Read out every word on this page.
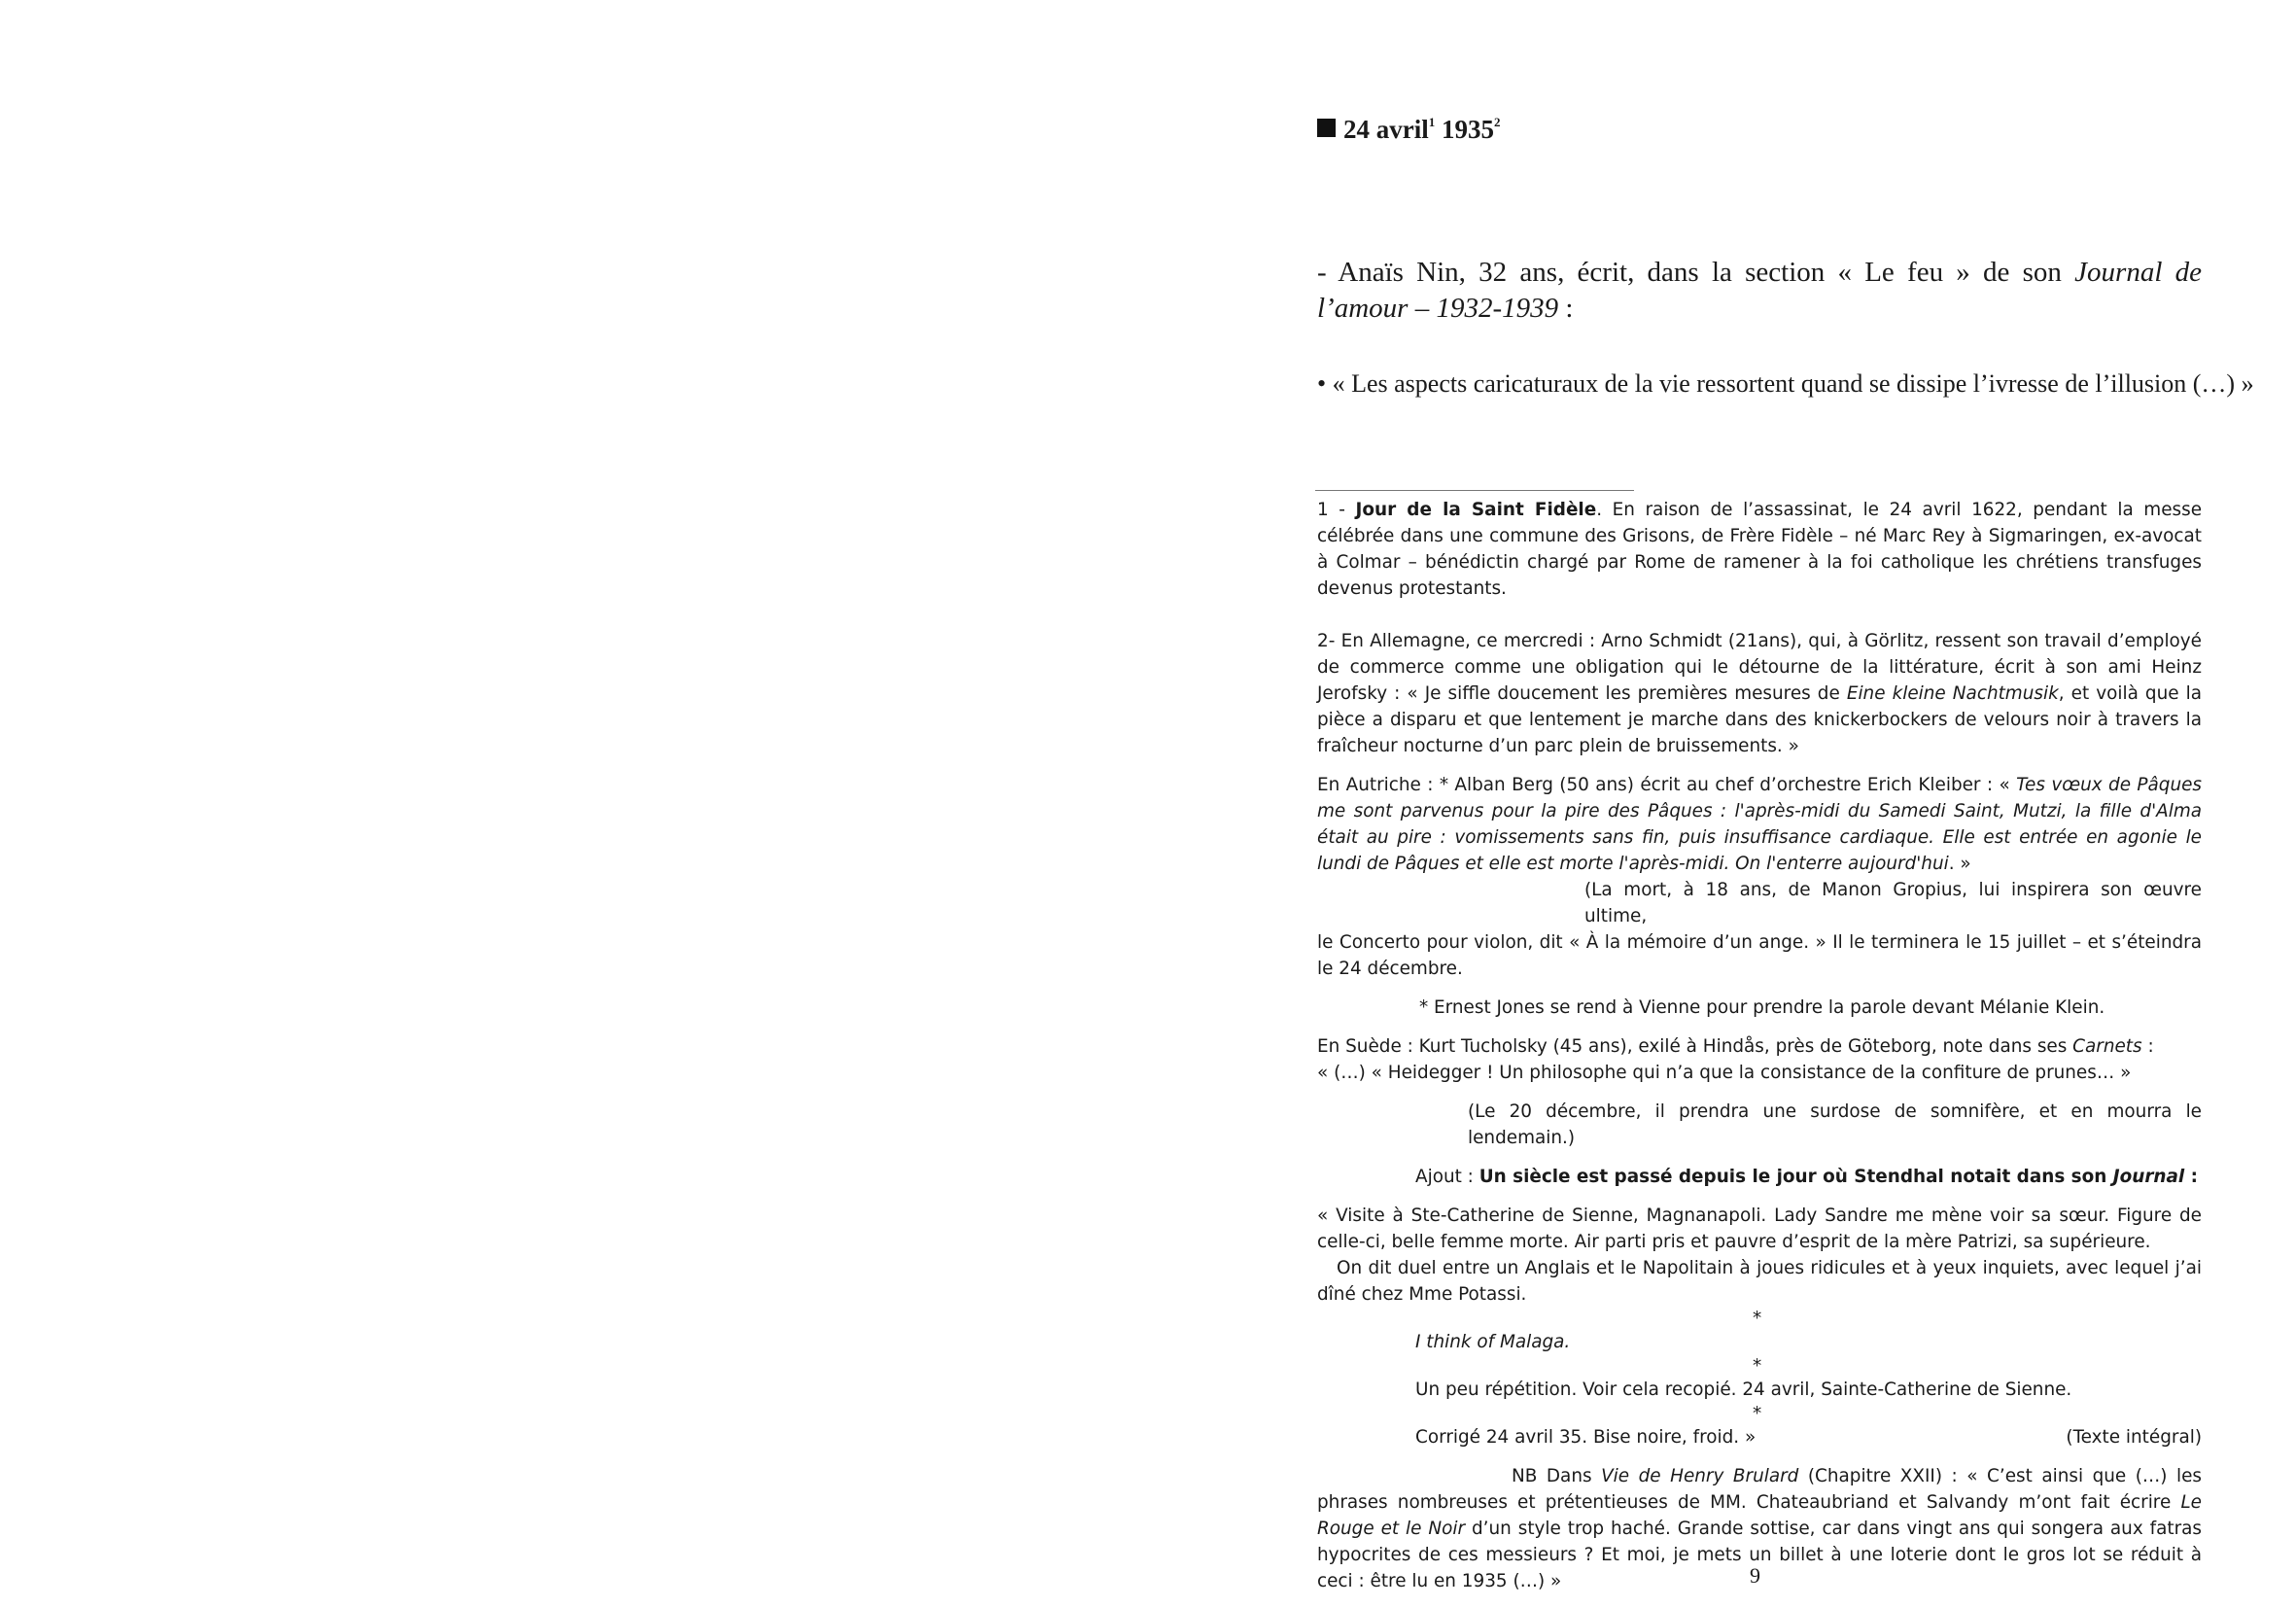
24 avril$^1$ 1935$^2$
- Anaïs Nin, 32 ans, écrit, dans la section « Le feu » de son Journal de l’amour – 1932-1939 :
• « Les aspects caricaturaux de la vie ressortent quand se dissipe l’ivresse de l’illusion (…) »

1 - Jour de la Saint Fidèle. En raison de l’assassinat, le 24 avril 1622, pendant la messe célébrée dans une commune des Grisons, de Frère Fidèle – né Marc Rey à Sigmaringen, ex-avocat à Colmar – bénédictin chargé par Rome de ramener à la foi catholique les chrétiens transfuges devenus protestants.

2- En Allemagne, ce mercredi : Arno Schmidt (21ans), qui, à Görlitz, ressent son travail d’employé de commerce comme une obligation qui le détourne de la littérature, écrit à son ami Heinz Jerofsky : « Je siffle doucement les premières mesures de Eine kleine Nachtmusik, et voilà que la pièce a disparu et que lentement je marche dans des knickerbockers de velours noir à travers la fraîcheur nocturne d’un parc plein de bruissements. »

En Autriche : * Alban Berg (50 ans) écrit au chef d’orchestre Erich Kleiber : « Tes vœux de Pâques me sont parvenus pour la pire des Pâques : l'après-midi du Samedi Saint, Mutzi, la fille d'Alma était au pire : vomissements sans fin, puis insuffisance cardiaque. Elle est entrée en agonie le lundi de Pâques et elle est morte l'après-midi. On l'enterre aujourd'hui. »

(La mort, à 18 ans, de Manon Gropius, lui inspirera son œuvre ultime,

le Concerto pour violon, dit « À la mémoire d’un ange. » Il le terminera le 15 juillet – et s’éteindra le 24 décembre.

* Ernest Jones se rend à Vienne pour prendre la parole devant Mélanie Klein.

En Suède : Kurt Tucholsky (45 ans), exilé à Hindås, près de Göteborg, note dans ses Carnets :

« (…) « Heidegger ! Un philosophe qui n’a que la consistance de la confiture de prunes… »

(Le 20 décembre, il prendra une surdose de somnifère, et en mourra le lendemain.)

Ajout : Un siècle est passé depuis le jour où Stendhal notait dans son Journal :

« Visite à Ste-Catherine de Sienne, Magnanapoli. Lady Sandre me mène voir sa sœur. Figure de celle-ci, belle femme morte. Air parti pris et pauvre d’esprit de la mère Patrizi, sa supérieure.

On dit duel entre un Anglais et le Napolitain à joues ridicules et à yeux inquiets, avec lequel j’ai dîné chez Mme Potassi.

*

I think of Malaga.

*

Un peu répétition. Voir cela recopié. 24 avril, Sainte-Catherine de Sienne.

*

Corrigé 24 avril 35. Bise noire, froid. »	(Texte intégral)

NB Dans Vie de Henry Brulard (Chapitre XXII) : « C’est ainsi que (…) les phrases nombreuses et prétentieuses de MM. Chateaubriand et Salvandy m’ont fait écrire Le Rouge et le Noir d’un style trop haché. Grande sottise, car dans vingt ans qui songera aux fatras hypocrites de ces messieurs ? Et moi, je mets un billet à une loterie dont le gros lot se réduit à ceci : être lu en 1935 (…) »	9
